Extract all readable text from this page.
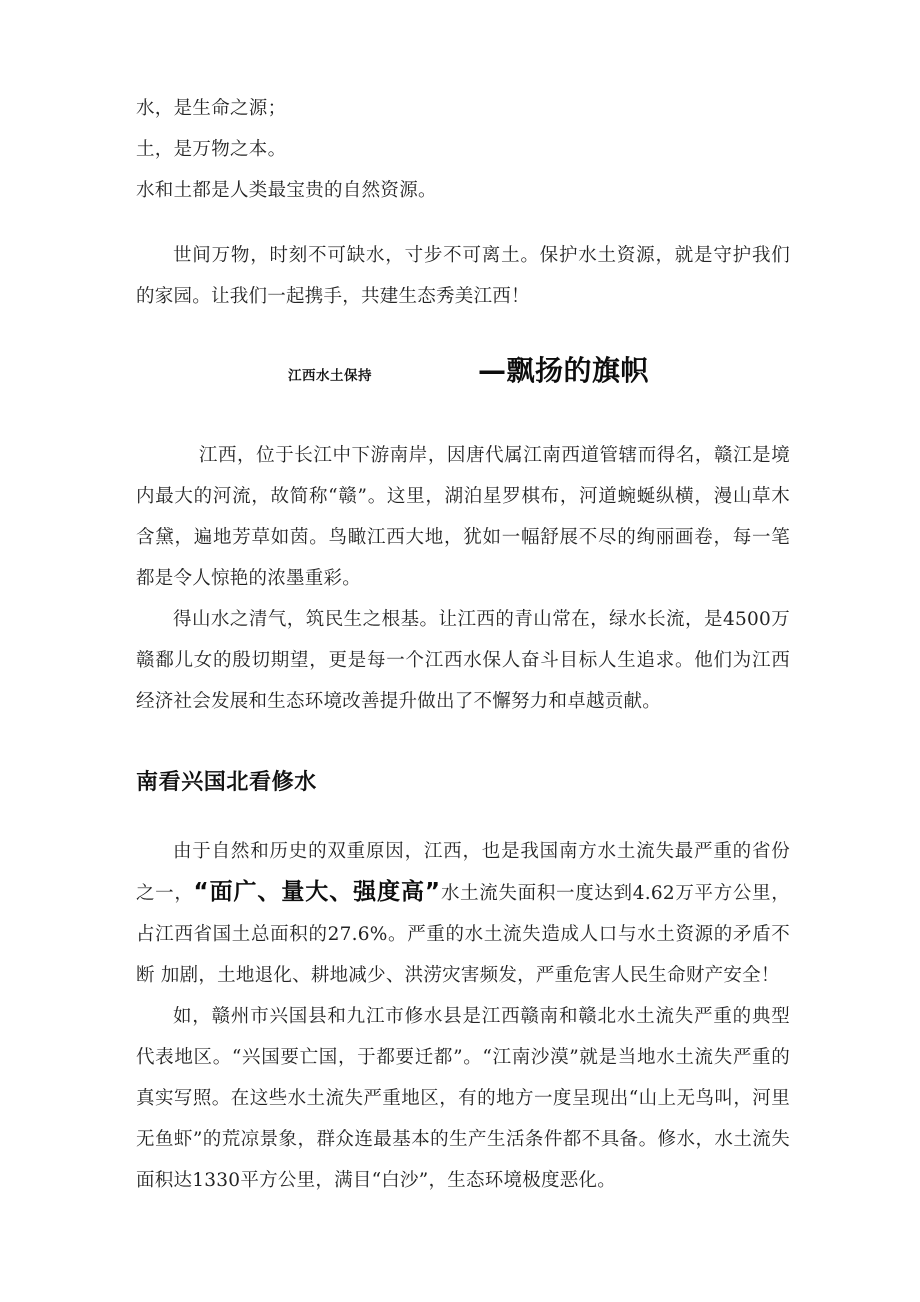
水，是生命之源；
土，是万物之本。
水和土都是人类最宝贵的自然资源。

世间万物，时刻不可缺水，寸步不可离土。保护水土资源，就是守护我们的家园。让我们一起携手，共建生态秀美江西！

江西水土保持	—飘扬的旗帜

江西，位于长江中下游南岸，因唐代属江南西道管辖而得名，赣江是境内最大的河流，故简称“赣”。这里，湖泊星罗棋布，河道蜿蜒纵横，漫山草木含黛，遍地芳草如茵。鸟瞰江西大地，犹如一幅舒展不尽的绚丽画卷，每一笔都是令人惊艳的浓墨重彩。

得山水之清气，筑民生之根基。让江西的青山常在，绿水长流，是4500万赣鄱儿女的殷切期望，更是每一个江西水保人奋斗目标人生追求。他们为江西经济社会发展和生态环境改善提升做出了不懈努力和卓越贡献。

南看兴国北看修水

由于自然和历史的双重原因，江西，也是我国南方水土流失最严重的省份之一，“面广、量大、强度高”水土流失面积一度达到4.62万平方公里， 占江西省国土总面积的27.6%。严重的水土流失造成人口与水土资源的矛盾不断 加剧，土地退化、耕地减少、洪涝灾害频发，严重危害人民生命财产安全！

如，赣州市兴国县和九江市修水县是江西赣南和赣北水土流失严重的典型代表地区。“兴国要亡国，于都要迁都”。“江南沙漠”就是当地水土流失严重的真实写照。在这些水土流失严重地区，有的地方一度呈现出“山上无鸟叫，河里无鱼虾”的荒凉景象，群众连最基本的生产生活条件都不具备。修水，水土流失面积达1330平方公里，满目“白沙”，生态环境极度恶化。
